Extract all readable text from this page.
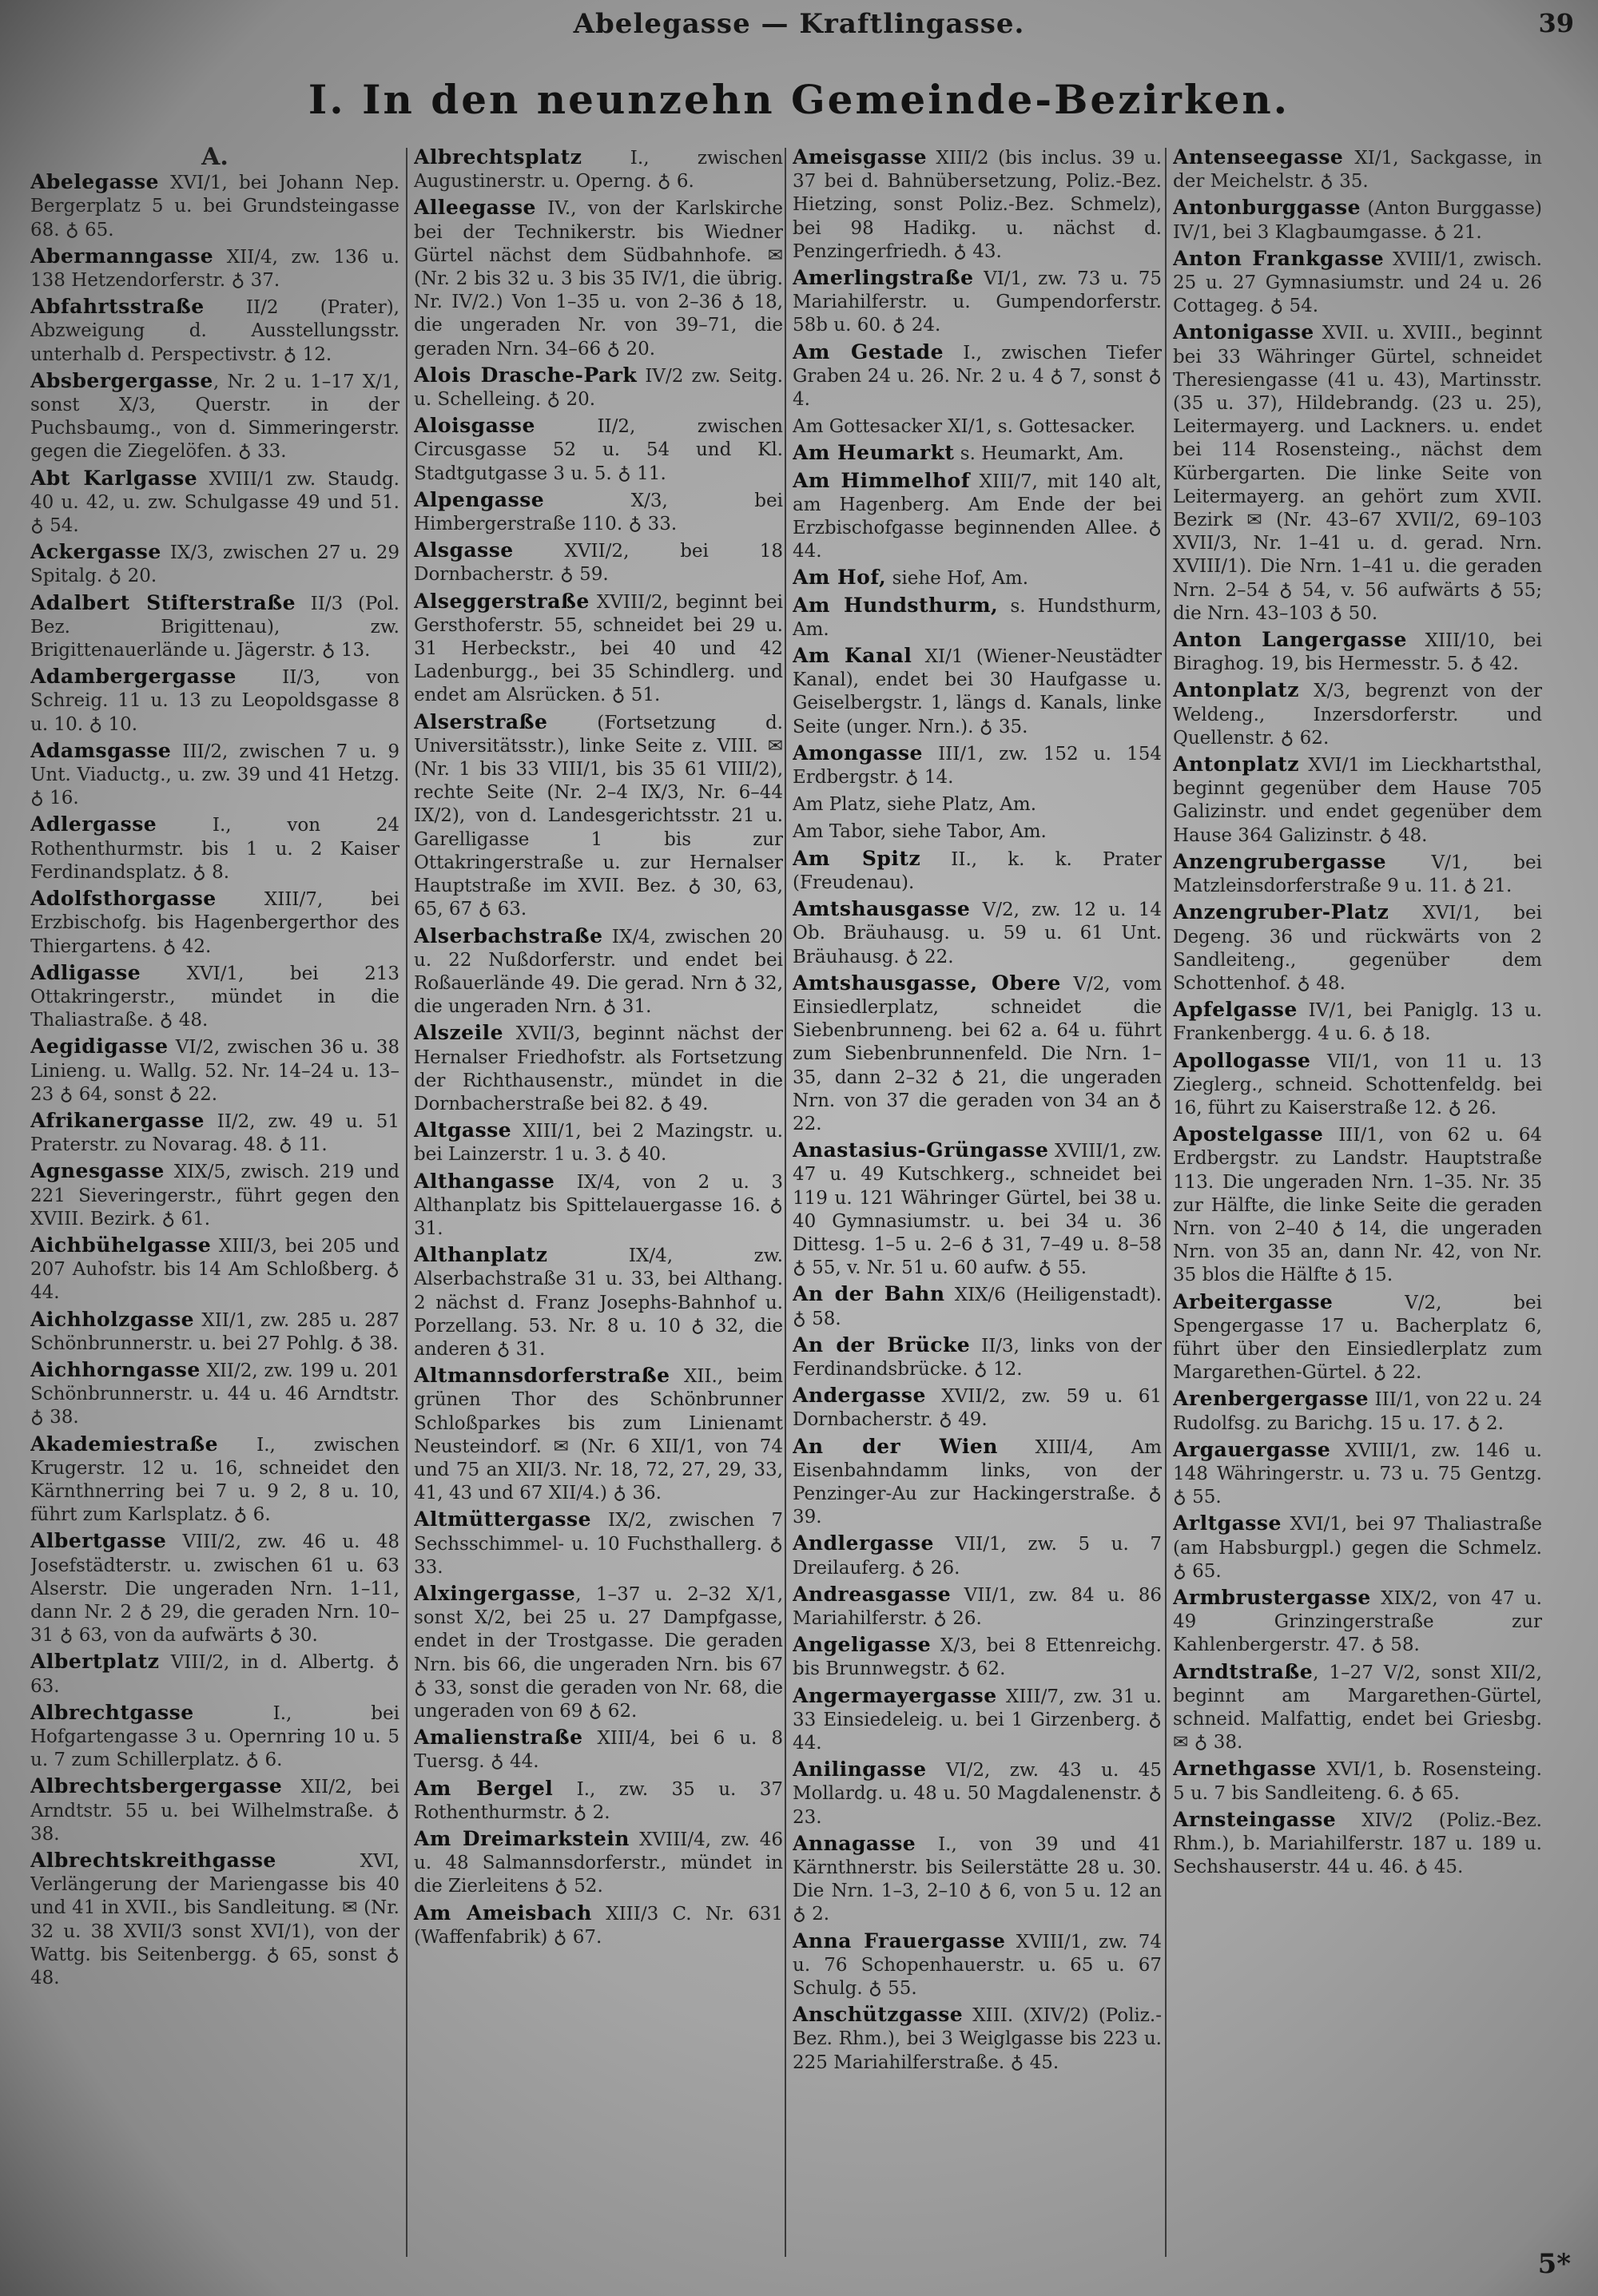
Abelegasse — Kraftlingasse.	39
I. In den neunzehn Gemeinde-Bezirken.
A.

Abelegasse XVI/1, bei Johann Nep. Bergerplatz 5 u. bei Grundsteingasse 68. ♁ 65.

Abermanngasse XII/4, zw. 136 u. 138 Hetzendorferstr. ♁ 37.

Abfahrtsstraße II/2 (Prater), Abzweigung d. Ausstellungsstr. unterhalb d. Perspectivstr. ♁ 12.

Absbergergasse, Nr. 2 u. 1–17 X/1, sonst X/3, Querstr. in der Puchsbaumg., von d. Simmeringerstr. gegen die Ziegelöfen. ♁ 33.

Abt Karlgasse XVIII/1 zw. Staudg. 40 u. 42, u. zw. Schulgasse 49 und 51. ♁ 54.

Ackergasse IX/3, zwischen 27 u. 29 Spitalg. ♁ 20.

Adalbert Stifterstraße II/3 (Pol. Bez. Brigittenau), zw. Brigittenauerlände u. Jägerstr. ♁ 13.

Adambergergasse II/3, von Schreig. 11 u. 13 zu Leopoldsgasse 8 u. 10. ♁ 10.

Adamsgasse III/2, zwischen 7 u. 9 Unt. Viaductg., u. zw. 39 und 41 Hetzg. ♁ 16.

Adlergasse I., von 24 Rothenthurmstr. bis 1 u. 2 Kaiser Ferdinandsplatz. ♁ 8.

Adolfsthorgasse XIII/7, bei Erzbischofg. bis Hagenbergerthor des Thiergartens. ♁ 42.

Adligasse XVI/1, bei 213 Ottakringerstr., mündet in die Thaliastraße. ♁ 48.

Aegidigasse VI/2, zwischen 36 u. 38 Linieng. u. Wallg. 52. Nr. 14–24 u. 13–23 ♁ 64, sonst ♁ 22.

Afrikanergasse II/2, zw. 49 u. 51 Praterstr. zu Novarag. 48. ♁ 11.

Agnesgasse XIX/5, zwisch. 219 und 221 Sieveringerstr., führt gegen den XVIII. Bezirk. ♁ 61.

Aichbühelgasse XIII/3, bei 205 und 207 Auhofstr. bis 14 Am Schloßberg. ♁ 44.

Aichholzgasse XII/1, zw. 285 u. 287 Schönbrunnerstr. u. bei 27 Pohlg. ♁ 38.

Aichhorngasse XII/2, zw. 199 u. 201 Schönbrunnerstr. u. 44 u. 46 Arndtstr. ♁ 38.

Akademiestraße I., zwischen Krugerstr. 12 u. 16, schneidet den Kärnthnerring bei 7 u. 9 2, 8 u. 10, führt zum Karlsplatz. ♁ 6.

Albertgasse VIII/2, zw. 46 u. 48 Josefstädterstr. u. zwischen 61 u. 63 Alserstr. Die ungeraden Nrn. 1–11, dann Nr. 2 ♁ 29, die geraden Nrn. 10–31 ♁ 63, von da aufwärts ♁ 30.

Albertplatz VIII/2, in d. Albertg. ♁ 63.

Albrechtgasse I., bei Hofgartengasse 3 u. Opernring 10 u. 5 u. 7 zum Schillerplatz. ♁ 6.

Albrechtsbergergasse XII/2, bei Arndtstr. 55 u. bei Wilhelmstraße. ♁ 38.

Albrechtskreithgasse XVI, Verlängerung der Mariengasse bis 40 und 41 in XVII., bis Sandleitung. ✉ (Nr. 32 u. 38 XVII/3 sonst XVI/1), von der Wattg. bis Seitenbergg. ♁ 65, sonst ♁ 48.

Albrechtsplatz I., zwischen Augustinerstr. u. Operng. ♁ 6.

Alleegasse IV., von der Karlskirche bei der Technikerstr. bis Wiedner Gürtel nächst dem Südbahnhofe. ✉ (Nr. 2 bis 32 u. 3 bis 35 IV/1, die übrig. Nr. IV/2.) Von 1–35 u. von 2–36 ♁ 18, die ungeraden Nr. von 39–71, die geraden Nrn. 34–66 ♁ 20.

Alois Drasche-Park IV/2 zw. Seitg. u. Schelleing. ♁ 20.

Aloisgasse II/2, zwischen Circusgasse 52 u. 54 und Kl. Stadtgutgasse 3 u. 5. ♁ 11.

Alpengasse X/3, bei Himbergerstraße 110. ♁ 33.

Alsgasse XVII/2, bei 18 Dornbacherstr. ♁ 59.

Alseggerstraße XVIII/2, beginnt bei Gersthoferstr. 55, schneidet bei 29 u. 31 Herbeckstr., bei 40 und 42 Ladenburgg., bei 35 Schindlerg. und endet am Alsrücken. ♁ 51.

Alserstraße (Fortsetzung d. Universitätsstr.), linke Seite z. VIII. ✉ (Nr. 1 bis 33 VIII/1, bis 35 61 VIII/2), rechte Seite (Nr. 2–4 IX/3, Nr. 6–44 IX/2), von d. Landesgerichtsstr. 21 u. Garelligasse 1 bis zur Ottakringerstraße u. zur Hernalser Hauptstraße im XVII. Bez. ♁ 30, 63, 65, 67 ♁ 63.

Alserbachstraße IX/4, zwischen 20 u. 22 Nußdorferstr. und endet bei Roßauerlände 49. Die gerad. Nrn ♁ 32, die ungeraden Nrn. ♁ 31.

Alszeile XVII/3, beginnt nächst der Hernalser Friedhofstr. als Fortsetzung der Richthausenstr., mündet in die Dornbacherstraße bei 82. ♁ 49.

Altgasse XIII/1, bei 2 Mazingstr. u. bei Lainzerstr. 1 u. 3. ♁ 40.

Althangasse IX/4, von 2 u. 3 Althanplatz bis Spittelauergasse 16. ♁ 31.

Althanplatz IX/4, zw. Alserbachstraße 31 u. 33, bei Althang. 2 nächst d. Franz Josephs-Bahnhof u. Porzellang. 53. Nr. 8 u. 10 ♁ 32, die anderen ♁ 31.

Altmannsdorferstraße XII., beim grünen Thor des Schönbrunner Schloßparkes bis zum Linienamt Neusteindorf. ✉ (Nr. 6 XII/1, von 74 und 75 an XII/3. Nr. 18, 72, 27, 29, 33, 41, 43 und 67 XII/4.) ♁ 36.

Altmüttergasse IX/2, zwischen 7 Sechsschimmel- u. 10 Fuchsthallerg. ♁ 33.

Alxingergasse, 1–37 u. 2–32 X/1, sonst X/2, bei 25 u. 27 Dampfgasse, endet in der Trostgasse. Die geraden Nrn. bis 66, die ungeraden Nrn. bis 67 ♁ 33, sonst die geraden von Nr. 68, die ungeraden von 69 ♁ 62.

Amalienstraße XIII/4, bei 6 u. 8 Tuersg. ♁ 44.

Am Bergel I., zw. 35 u. 37 Rothenthurmstr. ♁ 2.

Am Dreimarkstein XVIII/4, zw. 46 u. 48 Salmannsdorferstr., mündet in die Zierleitens ♁ 52.

Am Ameisbach XIII/3 C. Nr. 631 (Waffenfabrik) ♁ 67.

Ameisgasse XIII/2 (bis inclus. 39 u. 37 bei d. Bahnübersetzung, Poliz.-Bez. Hietzing, sonst Poliz.-Bez. Schmelz), bei 98 Hadikg. u. nächst d. Penzingerfriedh. ♁ 43.

Amerlingstraße VI/1, zw. 73 u. 75 Mariahilferstr. u. Gumpendorferstr. 58b u. 60. ♁ 24.

Am Gestade I., zwischen Tiefer Graben 24 u. 26. Nr. 2 u. 4 ♁ 7, sonst ♁ 4.

Am Gottesacker XI/1, s. Gottesacker.

Am Heumarkt s. Heumarkt, Am.

Am Himmelhof XIII/7, mit 140 alt, am Hagenberg. Am Ende der bei Erzbischofgasse beginnenden Allee. ♁ 44.

Am Hof, siehe Hof, Am.

Am Hundsthurm, s. Hundsthurm, Am.

Am Kanal XI/1 (Wiener-Neustädter Kanal), endet bei 30 Haufgasse u. Geiselbergstr. 1, längs d. Kanals, linke Seite (unger. Nrn.). ♁ 35.

Amongasse III/1, zw. 152 u. 154 Erdbergstr. ♁ 14.

Am Platz, siehe Platz, Am.

Am Tabor, siehe Tabor, Am.

Am Spitz II., k. k. Prater (Freudenau).

Amtshausgasse V/2, zw. 12 u. 14 Ob. Bräuhausg. u. 59 u. 61 Unt. Bräuhausg. ♁ 22.

Amtshausgasse, Obere V/2, vom Einsiedlerplatz, schneidet die Siebenbrunneng. bei 62 a. 64 u. führt zum Siebenbrunnenfeld. Die Nrn. 1–35, dann 2–32 ♁ 21, die ungeraden Nrn. von 37 die geraden von 34 an ♁ 22.

Anastasius-Grüngasse XVIII/1, zw. 47 u. 49 Kutschkerg., schneidet bei 119 u. 121 Währinger Gürtel, bei 38 u. 40 Gymnasiumstr. u. bei 34 u. 36 Dittesg. 1–5 u. 2–6 ♁ 31, 7–49 u. 8–58 ♁ 55, v. Nr. 51 u. 60 aufw. ♁ 55.

An der Bahn XIX/6 (Heiligenstadt). ♁ 58.

An der Brücke II/3, links von der Ferdinandsbrücke. ♁ 12.

Andergasse XVII/2, zw. 59 u. 61 Dornbacherstr. ♁ 49.

An der Wien XIII/4, Am Eisenbahndamm links, von der Penzinger-Au zur Hackingerstraße. ♁ 39.

Andlergasse VII/1, zw. 5 u. 7 Dreilauferg. ♁ 26.

Andreasgasse VII/1, zw. 84 u. 86 Mariahilferstr. ♁ 26.

Angeligasse X/3, bei 8 Ettenreichg. bis Brunnwegstr. ♁ 62.

Angermayergasse XIII/7, zw. 31 u. 33 Einsiedeleig. u. bei 1 Girzenberg. ♁ 44.

Anilingasse VI/2, zw. 43 u. 45 Mollardg. u. 48 u. 50 Magdalenenstr. ♁ 23.

Annagasse I., von 39 und 41 Kärnthnerstr. bis Seilerstätte 28 u. 30. Die Nrn. 1–3, 2–10 ♁ 6, von 5 u. 12 an ♁ 2.

Anna Frauergasse XVIII/1, zw. 74 u. 76 Schopenhauerstr. u. 65 u. 67 Schulg. ♁ 55.

Anschützgasse XIII. (XIV/2) (Poliz.-Bez. Rhm.), bei 3 Weiglgasse bis 223 u. 225 Mariahilferstraße. ♁ 45.

Antenseegasse XI/1, Sackgasse, in der Meichelstr. ♁ 35.

Antonburggasse (Anton Burggasse) IV/1, bei 3 Klagbaumgasse. ♁ 21.

Anton Frankgasse XVIII/1, zwisch. 25 u. 27 Gymnasiumstr. und 24 u. 26 Cottageg. ♁ 54.

Antonigasse XVII. u. XVIII., beginnt bei 33 Währinger Gürtel, schneidet Theresiengasse (41 u. 43), Martinsstr. (35 u. 37), Hildebrandg. (23 u. 25), Leitermayerg. und Lackners. u. endet bei 114 Rosensteing., nächst dem Kürbergarten. Die linke Seite von Leitermayerg. an gehört zum XVII. Bezirk ✉ (Nr. 43–67 XVII/2, 69–103 XVII/3, Nr. 1–41 u. d. gerad. Nrn. XVIII/1). Die Nrn. 1–41 u. die geraden Nrn. 2–54 ♁ 54, v. 56 aufwärts ♁ 55; die Nrn. 43–103 ♁ 50.

Anton Langergasse XIII/10, bei Biraghog. 19, bis Hermesstr. 5. ♁ 42.

Antonplatz X/3, begrenzt von der Weldeng., Inzersdorferstr. und Quellenstr. ♁ 62.

Antonplatz XVI/1 im Lieckhartsthal, beginnt gegenüber dem Hause 705 Galizinstr. und endet gegenüber dem Hause 364 Galizinstr. ♁ 48.

Anzengrubergasse V/1, bei Matzleinsdorferstraße 9 u. 11. ♁ 21.

Anzengruber-Platz XVI/1, bei Degeng. 36 und rückwärts von 2 Sandleiteng., gegenüber dem Schottenhof. ♁ 48.

Apfelgasse IV/1, bei Paniglg. 13 u. Frankenbergg. 4 u. 6. ♁ 18.

Apollogasse VII/1, von 11 u. 13 Zieglerg., schneid. Schottenfeldg. bei 16, führt zu Kaiserstraße 12. ♁ 26.

Apostelgasse III/1, von 62 u. 64 Erdbergstr. zu Landstr. Hauptstraße 113. Die ungeraden Nrn. 1–35. Nr. 35 zur Hälfte, die linke Seite die geraden Nrn. von 2–40 ♁ 14, die ungeraden Nrn. von 35 an, dann Nr. 42, von Nr. 35 blos die Hälfte ♁ 15.

Arbeitergasse V/2, bei Spengergasse 17 u. Bacherplatz 6, führt über den Einsiedlerplatz zum Margarethen-Gürtel. ♁ 22.

Arenbergergasse III/1, von 22 u. 24 Rudolfsg. zu Barichg. 15 u. 17. ♁ 2.

Argauergasse XVIII/1, zw. 146 u. 148 Währingerstr. u. 73 u. 75 Gentzg. ♁ 55.

Arltgasse XVI/1, bei 97 Thaliastraße (am Habsburgpl.) gegen die Schmelz. ♁ 65.

Armbrustergasse XIX/2, von 47 u. 49 Grinzingerstraße zur Kahlenbergerstr. 47. ♁ 58.

Arndtstraße, 1–27 V/2, sonst XII/2, beginnt am Margarethen-Gürtel, schneid. Malfattig, endet bei Griesbg. ✉ ♁ 38.

Arnethgasse XVI/1, b. Rosensteing. 5 u. 7 bis Sandleiteng. 6. ♁ 65.

Arnsteingasse XIV/2 (Poliz.-Bez. Rhm.), b. Mariahilferstr. 187 u. 189 u. Sechshauserstr. 44 u. 46. ♁ 45.

5*
